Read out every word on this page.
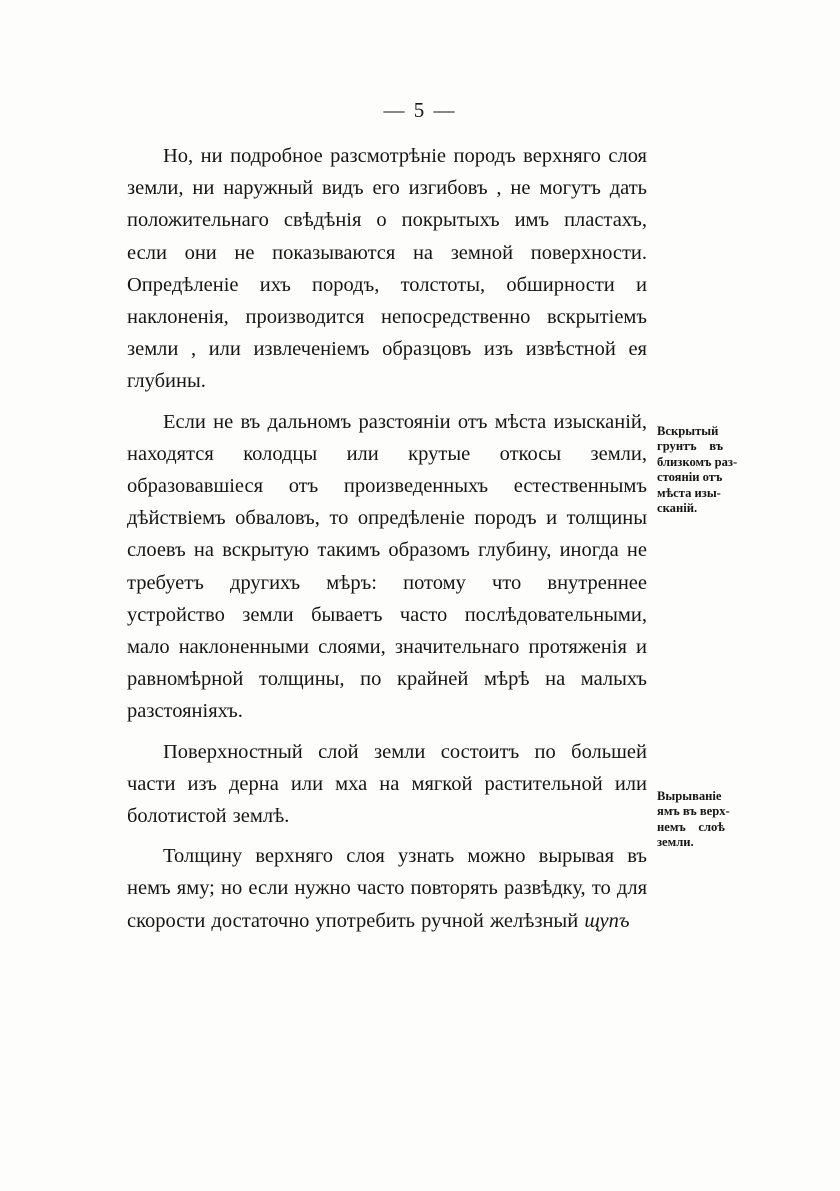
— 5 —

Но, ни подробное разсмотрѣніе породъ верхняго слоя земли, ни наружный видъ его изгибовъ , не могутъ дать положительнаго свѣдѣнія о покрытыхъ имъ пластахъ, если они не показываются на земной поверхности. Опредѣленіе ихъ породъ, толстоты, обширности и наклоненія, производится непосредственно вскрытіемъ земли , или извлеченіемъ образцовъ изъ извѣстной ея глубины.

Если не въ дальномъ разстояніи отъ мѣста изысканій, находятся колодцы или крутые откосы земли, образовавшіеся отъ произведенныхъ естественнымъ дѣйствіемъ обваловъ, то опредѣленіе породъ и толщины слоевъ на вскрытую такимъ образомъ глубину, иногда не требуетъ другихъ мѣръ: потому что внутреннее устройство земли бываетъ часто послѣдовательными, мало наклоненными слоями, значительнаго протяженія и равномѣрной толщины, по крайней мѣрѣ на малыхъ разстояніяхъ.

Поверхностный слой земли состоитъ по большей части изъ дерна или мха на мягкой растительной или болотистой землѣ.

Толщину верхняго слоя узнать можно вырывая въ немъ яму; но если нужно часто повторять развѣдку, то для скорости достаточно употребить ручной желѣзный щупъ

Вскрытый
грунтъ    въ
близкомъ раз-
стоянiи отъ
мѣста изы-
сканiй.
Вырываніе
ямъ въ верх-
немъ    слоѣ
земли.
